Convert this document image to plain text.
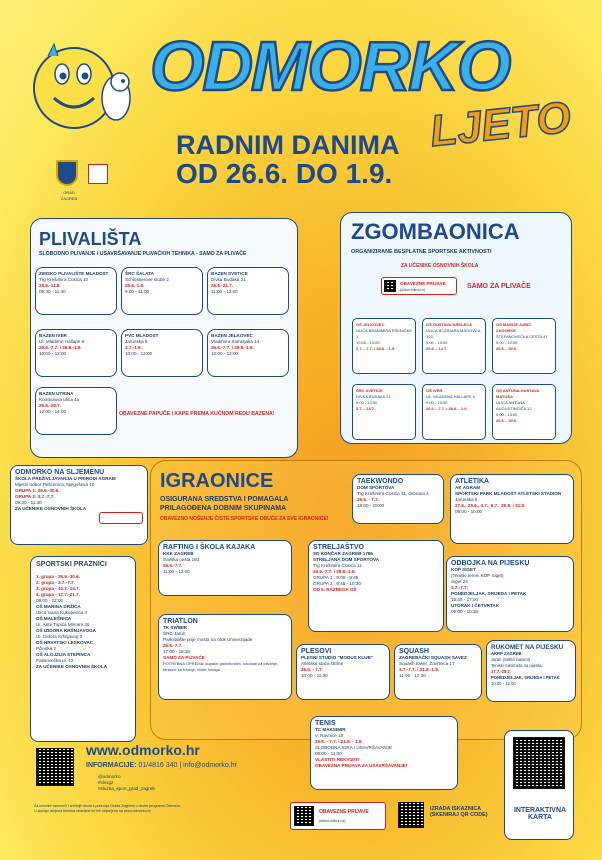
ODMORKO
LJETO
GRAD ZAGREB
RADNIM DANIMA
OD 26.6. DO 1.9.
PLIVALIŠTA
SLOBODNO PLIVANJE I USAVRŠAVANJE PLIVAČKIH TEHNIKA - SAMO ZA PLIVAČE
ZIMSKO PLIVALIŠTE MLADOST
Trg Krešimira Ćosića 10
26.6.-11.8.
09:30 - 11:30
ŠRC ŠALATA
Schlosserove stube 2
26.6.-1.9.
9:00 - 11:00
BAZEN SVETICE
Divka Budaka 21
26.6.-21.7.
11:00 - 13:00
BAZEN IVER
Ul. Mladene Hallape 6
26.6.-7.7. i 28.8.-1.9.
10:00 - 12:00
PVC MLADOST
Jarunska 5
3.7.-1.9.
10:00 - 12:00
BAZEN JELKOVEC
Vladimira Stahuljaka 14
26.6.-7.7. i 28.8.-1.9.
10:00 - 12:00
BAZEN UTRINA
Kombolova ulica 4a
26.6.-28.7.
12:00 - 14:00	OBAVEZNE PAPUČE I KAPE PREMA KUĆNOM REDU BAZENA!
ZGOMBAONICA
ORGANIZIRANE BESPLATNE SPORTSKE AKTIVNOSTI
ZA UČENIKE OSNOVNIH ŠKOLA
OBAVEZNE PRIJAVE
(klikni-klikni.hr)	SAMO ZA PLIVAČE
OŠ JELKOVEC
ULICA BRANIMIRA PŠENIČKE 1
10:00 - 13:00
3.7. - 7.7. i 28.8. - 1.9.
OŠ GUSTAVA KRKLECA
ULICA BOŽIDARA MAGOVCA 103
9:00 - 13:00
26.6. - 14.7.
OŠ MARIJE JURIĆ ZAGORKE
ŠTEFANOVEČKA CESTA 47
9:00 - 12:00
26.6. - 30.6.
ŠRC SVETICE
DIVKA BUDAKA 21
9:00 - 12:00
3.7. - 14.7.
OŠ IVER
UL. MLADENA HALLAPE 6
9:00 - 13:00
26.6. - 7.7. i 28.8. - 1.9.
OŠ ANTUNA GUSTAVA MATOŠA
ULICA ANTUNA AUGUSTINČIĆA 12
9:00 - 13:00
26.6. - 30.6.
IGRAONICE
OSIGURANA SREDSTVA I POMAGALA
PRILAGOĐENA DOBNIM SKUPINAMA
OBAVEZNO NOŠENJE ČISTE SPORTSKE OBUĆE ZA SVE IGRAONICE!
ODMORKO NA SLJEMENU
ŠKOLA PREŽIVLJAVANJA U PRIRODI AGRAM
Mjesni odbor Pešćenica, Njegoševa 10
GRUPA 1: 26.6.-30.6.
GRUPA 2: 3.7.-7.7.
09:30 - 11:30
ZA UČENIKE OSNOVNIH ŠKOLA
SPORTSKI PRAZNICI

1. grupa - 26.6.-30.6.
2. grupa - 3.7.-7.7.
3. grupa - 10.7.-14.7.
4. grupa - 17.7.-21.7.
09:00 - 12:00
OŠ MARINA DRŽIĆA
Ulica Ivana Kukuljevića 4
OŠ MALEŠNICA
Ul. Ante Topića Mimare 36
OŠ IZIDORA KRŠNJAVOGA
Ul. Izidora Kršnjavog 2
OŠ HRVATSKI LESKOVAC
Pčinska 2
OŠ ALOJZIJA STEPINCA
Palinovečka ul. 42
ZA UČENIKE OSNOVNIH ŠKOLA
TAEKWONDO
DOM SPORTOVA
Trg Krešimira Ćosića 11, dvorana 4
26.6. - 7.7.
18:00 - 19:00
ATLETIKA
AK AGRAM
SPORTSKI PARK MLADOST ATLETSKI STADION
Jarunska 5
27.6., 29.6., 4.7., 6.7., 29.8. i 31.8.
09:00 - 10:00
RAFTING I ŠKOLA KAJAKA
KKK ZAGREB
Savska cesta 193
26.6.-7.7.
11:00 - 13:00
STRELJAŠTVO
SD KONČAR ZAGREB 1786
STRELJANA DOM SPORTOVA
Trg Krešimira Ćosića 11
26.6.-7.7. i 28.8.-1.9.
GRUPA 1 : 9:00 - 9:45
GRUPA 2 : 9:45 - 10:30
OD 5. RAZREDA OŠ
ODBOJKA NA PIJESKU
KOP SIGET
(Teniski tereni KOP Siget)
Siget 24
3.7.-7.7.
PONEDJELJAK, SRIJEDA I PETAK
15:45 - 17:00
UTORAK I ČETVRTAK
09:00 - 10:30
TRIATLON
TK SWIBIR
ŠRC Jarun
Parkiralište prije mosta na otok Univerzijade
26.6.-7.7.
17:00 - 18:30
SAMO ZA PLIVAČE
POTREBNA OPREMA: kupaće gaće/kostim, naočale za plivanje, tenisice za trčanje, bicikl, kaciga
PLESOVI
PLESNI STUDIO "MODUS KLUB"
Atletska staza Utrine
26.6. - 7.7.
10:00 - 11:30
SQUASH
ZAGREBAČKI SQUASH SAVEZ
Squash tower, Zavrtnica 17
3.7.-7.7. i 21.8.-1.9.
11:00 - 12:30
RUKOMET NA PIJESKU
AKRP ZAGREB
Jarun (Setlići bazeni)
Teniski rukometa na pijesku
17.7.-28.7.
PONEDJELJAK, SRIJEDA I PETAK
10:00 - 12:00
TENIS
TC MAKSIMIR
V. Ravnice 10
26.6. - 7.7. i 21.8. - 1.9.
SLOBODNA IGRA I USAVRŠAVANJE
09:00 - 11:00
VLASTITI REKVIZITI
OBAVEZNA PRIJAVA ZA USAVRŠAVANJE!
www.odmorko.hr
INFORMACIJE: 01/4816 340 | info@odmorko.hr
@odmorko
#slssgz
#sluzba_sport_grad_zagreb
Za učenike osnovnih i srednjih škola s područja Grada Zagreba u okviru programa Odmorko
U slučaju izmjena termina obavijest će biti objavljena na www.odmorko.hr	OBAVEZNE PRIJAVE
(klikni-klikni.hr)
IZRADA ISKAZNICA
(SKENIRAJ QR CODE)
INTERAKTIVNA KARTA
